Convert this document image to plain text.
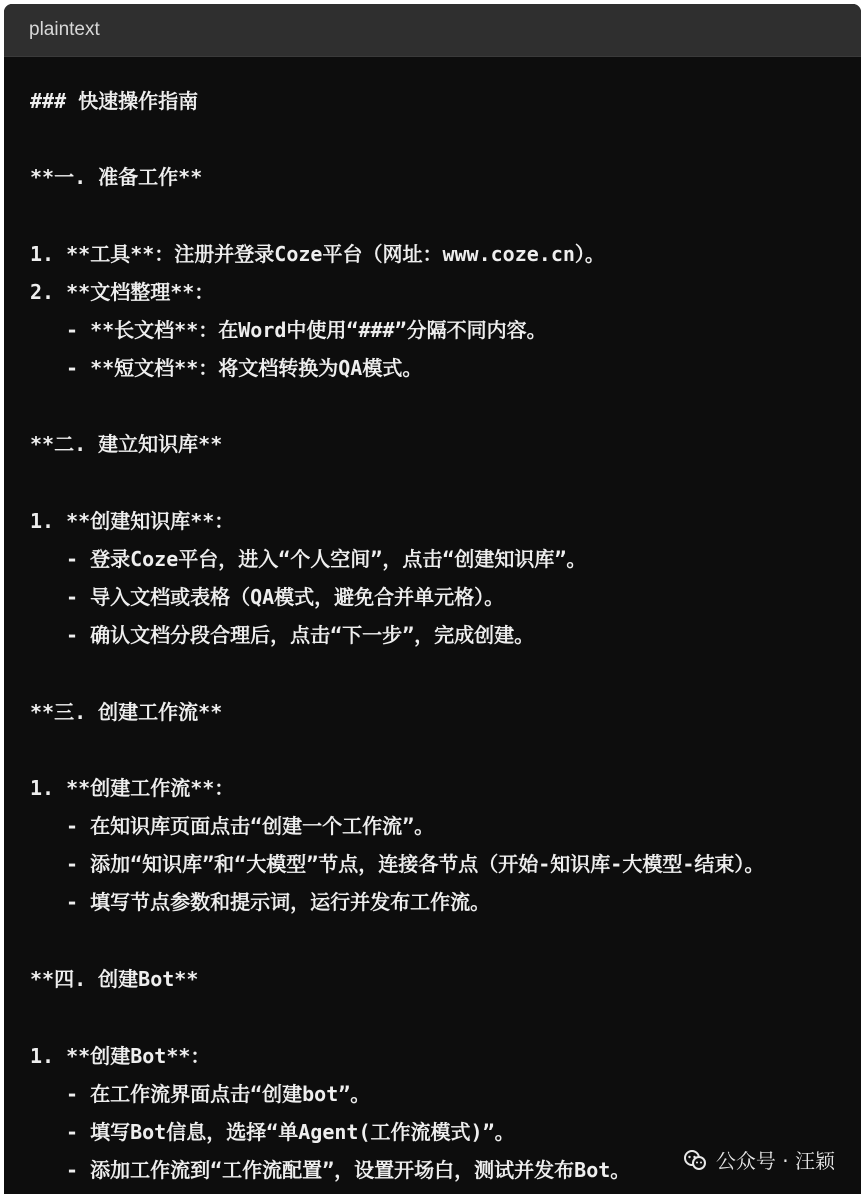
plaintext
### 快速操作指南
**一. 准备工作**
1. **工具**：注册并登录Coze平台（网址：www.coze.cn）。
2. **文档整理**：
- **长文档**：在Word中使用“###”分隔不同内容。
- **短文档**：将文档转换为QA模式。
**二. 建立知识库**
1. **创建知识库**：
- 登录Coze平台，进入“个人空间”，点击“创建知识库”。
- 导入文档或表格（QA模式，避免合并单元格）。
- 确认文档分段合理后，点击“下一步”，完成创建。
**三. 创建工作流**
1. **创建工作流**：
- 在知识库页面点击“创建一个工作流”。
- 添加“知识库”和“大模型”节点，连接各节点（开始-知识库-大模型-结束）。
- 填写节点参数和提示词，运行并发布工作流。
**四. 创建Bot**
1. **创建Bot**：
- 在工作流界面点击“创建bot”。
- 填写Bot信息，选择“单Agent(工作流模式)”。
- 添加工作流到“工作流配置”，设置开场白，测试并发布Bot。	公众号 · 汪颖
